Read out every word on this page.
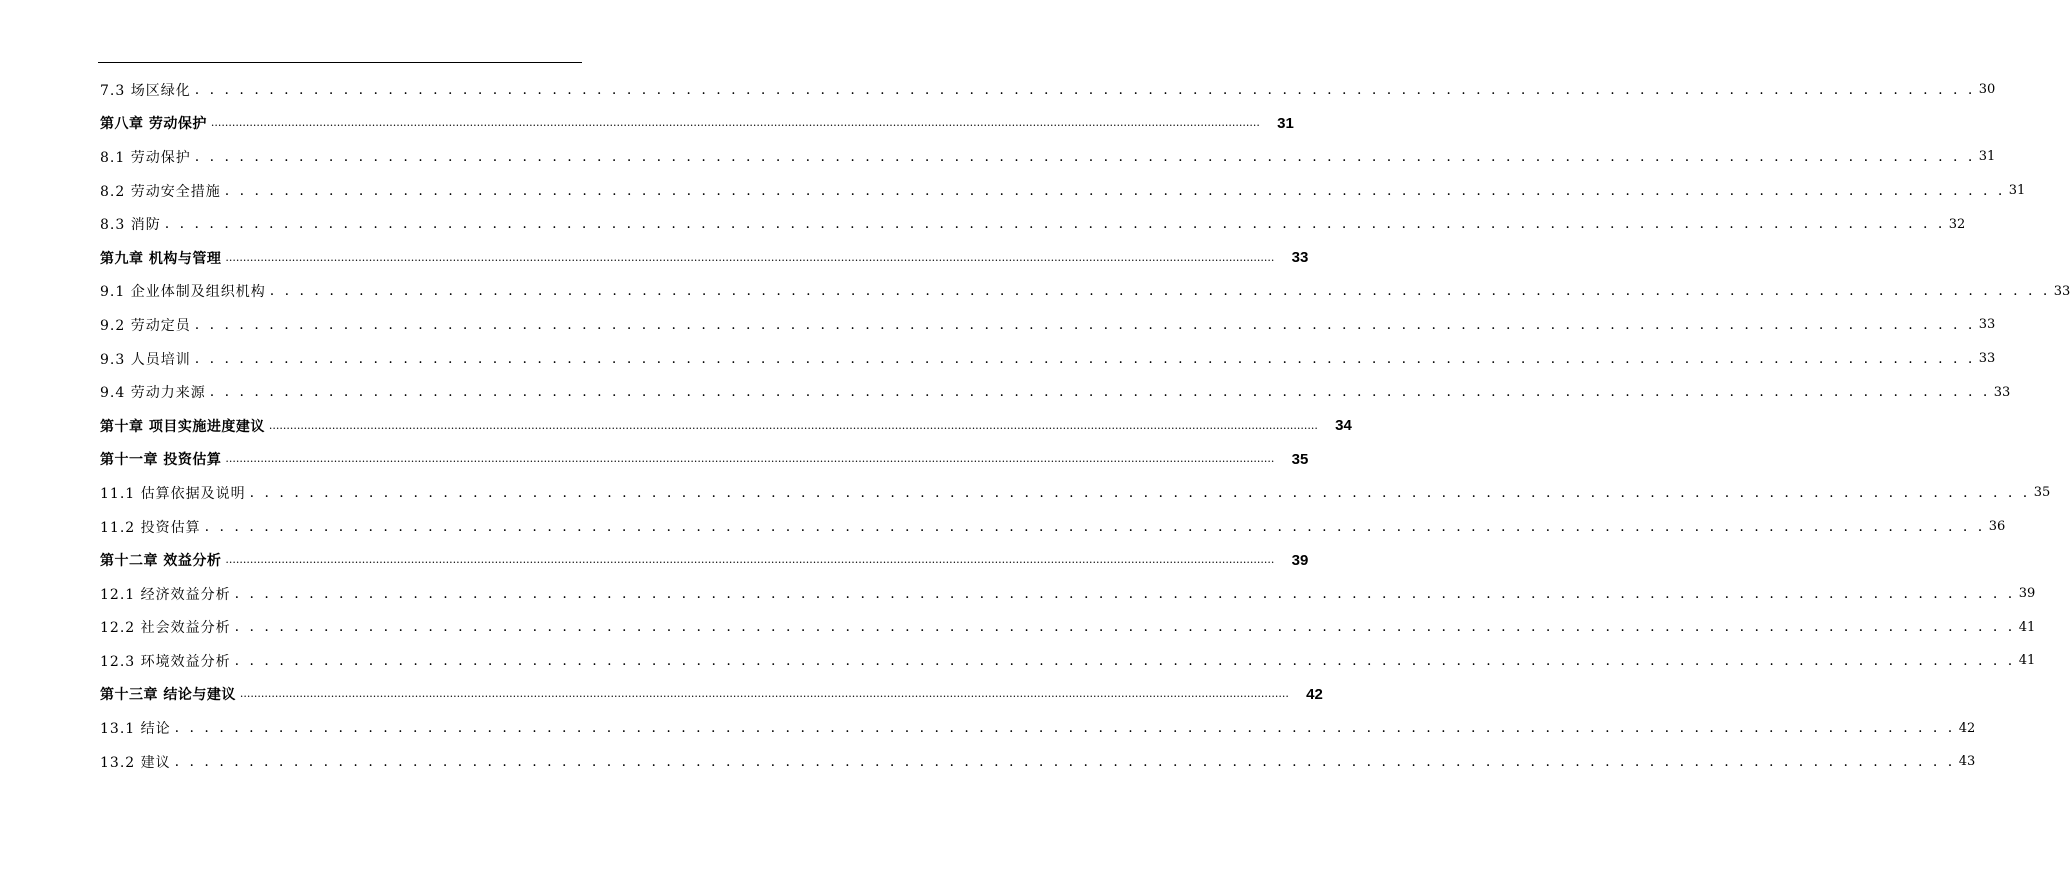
7.3 场区绿化 . . . . . . . . . . . . . . . . . . . . . . . . . . . . . . . . . . . . . . . . . . . . . . . . . . . . . . . . . . . . . . . . . . . . . . . . . . . . . . . . . . . . . . . . . . . . . . . . . . . . . . . . . . . . . . . . . . . . . . . . 30
第八章 劳动保护 ............................................................................................................................................................................................................................................................................................................ 31
8.1 劳动保护 . . . . . . . . . . . . . . . . . . . . . . . . . . . . . . . . . . . . . . . . . . . . . . . . . . . . . . . . . . . . . . . . . . . . . . . . . . . . . . . . . . . . . . . . . . . . . . . . . . . . . . . . . . . . . . . . . . . . . . . . 31
8.2 劳动安全措施 . . . . . . . . . . . . . . . . . . . . . . . . . . . . . . . . . . . . . . . . . . . . . . . . . . . . . . . . . . . . . . . . . . . . . . . . . . . . . . . . . . . . . . . . . . . . . . . . . . . . . . . . . . . . . . . . . . . . . . . . 31
8.3 消防 . . . . . . . . . . . . . . . . . . . . . . . . . . . . . . . . . . . . . . . . . . . . . . . . . . . . . . . . . . . . . . . . . . . . . . . . . . . . . . . . . . . . . . . . . . . . . . . . . . . . . . . . . . . . . . . . . . . . . . . . 32
第九章 机构与管理 ............................................................................................................................................................................................................................................................................................................ 33
9.1 企业体制及组织机构 . . . . . . . . . . . . . . . . . . . . . . . . . . . . . . . . . . . . . . . . . . . . . . . . . . . . . . . . . . . . . . . . . . . . . . . . . . . . . . . . . . . . . . . . . . . . . . . . . . . . . . . . . . . . . . . . . . . . . . . . 33
9.2 劳动定员 . . . . . . . . . . . . . . . . . . . . . . . . . . . . . . . . . . . . . . . . . . . . . . . . . . . . . . . . . . . . . . . . . . . . . . . . . . . . . . . . . . . . . . . . . . . . . . . . . . . . . . . . . . . . . . . . . . . . . . . . 33
9.3 人员培训 . . . . . . . . . . . . . . . . . . . . . . . . . . . . . . . . . . . . . . . . . . . . . . . . . . . . . . . . . . . . . . . . . . . . . . . . . . . . . . . . . . . . . . . . . . . . . . . . . . . . . . . . . . . . . . . . . . . . . . . . 33
9.4 劳动力来源 . . . . . . . . . . . . . . . . . . . . . . . . . . . . . . . . . . . . . . . . . . . . . . . . . . . . . . . . . . . . . . . . . . . . . . . . . . . . . . . . . . . . . . . . . . . . . . . . . . . . . . . . . . . . . . . . . . . . . . . . 33
第十章 项目实施进度建议 ............................................................................................................................................................................................................................................................................................................ 34
第十一章 投资估算 ............................................................................................................................................................................................................................................................................................................ 35
11.1 估算依据及说明 . . . . . . . . . . . . . . . . . . . . . . . . . . . . . . . . . . . . . . . . . . . . . . . . . . . . . . . . . . . . . . . . . . . . . . . . . . . . . . . . . . . . . . . . . . . . . . . . . . . . . . . . . . . . . . . . . . . . . . . . 35
11.2 投资估算 . . . . . . . . . . . . . . . . . . . . . . . . . . . . . . . . . . . . . . . . . . . . . . . . . . . . . . . . . . . . . . . . . . . . . . . . . . . . . . . . . . . . . . . . . . . . . . . . . . . . . . . . . . . . . . . . . . . . . . . . 36
第十二章 效益分析 ............................................................................................................................................................................................................................................................................................................ 39
12.1 经济效益分析 . . . . . . . . . . . . . . . . . . . . . . . . . . . . . . . . . . . . . . . . . . . . . . . . . . . . . . . . . . . . . . . . . . . . . . . . . . . . . . . . . . . . . . . . . . . . . . . . . . . . . . . . . . . . . . . . . . . . . . . . 39
12.2 社会效益分析 . . . . . . . . . . . . . . . . . . . . . . . . . . . . . . . . . . . . . . . . . . . . . . . . . . . . . . . . . . . . . . . . . . . . . . . . . . . . . . . . . . . . . . . . . . . . . . . . . . . . . . . . . . . . . . . . . . . . . . . . 41
12.3 环境效益分析 . . . . . . . . . . . . . . . . . . . . . . . . . . . . . . . . . . . . . . . . . . . . . . . . . . . . . . . . . . . . . . . . . . . . . . . . . . . . . . . . . . . . . . . . . . . . . . . . . . . . . . . . . . . . . . . . . . . . . . . . 41
第十三章 结论与建议 ............................................................................................................................................................................................................................................................................................................ 42
13.1 结论 . . . . . . . . . . . . . . . . . . . . . . . . . . . . . . . . . . . . . . . . . . . . . . . . . . . . . . . . . . . . . . . . . . . . . . . . . . . . . . . . . . . . . . . . . . . . . . . . . . . . . . . . . . . . . . . . . . . . . . . . 42
13.2 建议 . . . . . . . . . . . . . . . . . . . . . . . . . . . . . . . . . . . . . . . . . . . . . . . . . . . . . . . . . . . . . . . . . . . . . . . . . . . . . . . . . . . . . . . . . . . . . . . . . . . . . . . . . . . . . . . . . . . . . . . . 43
